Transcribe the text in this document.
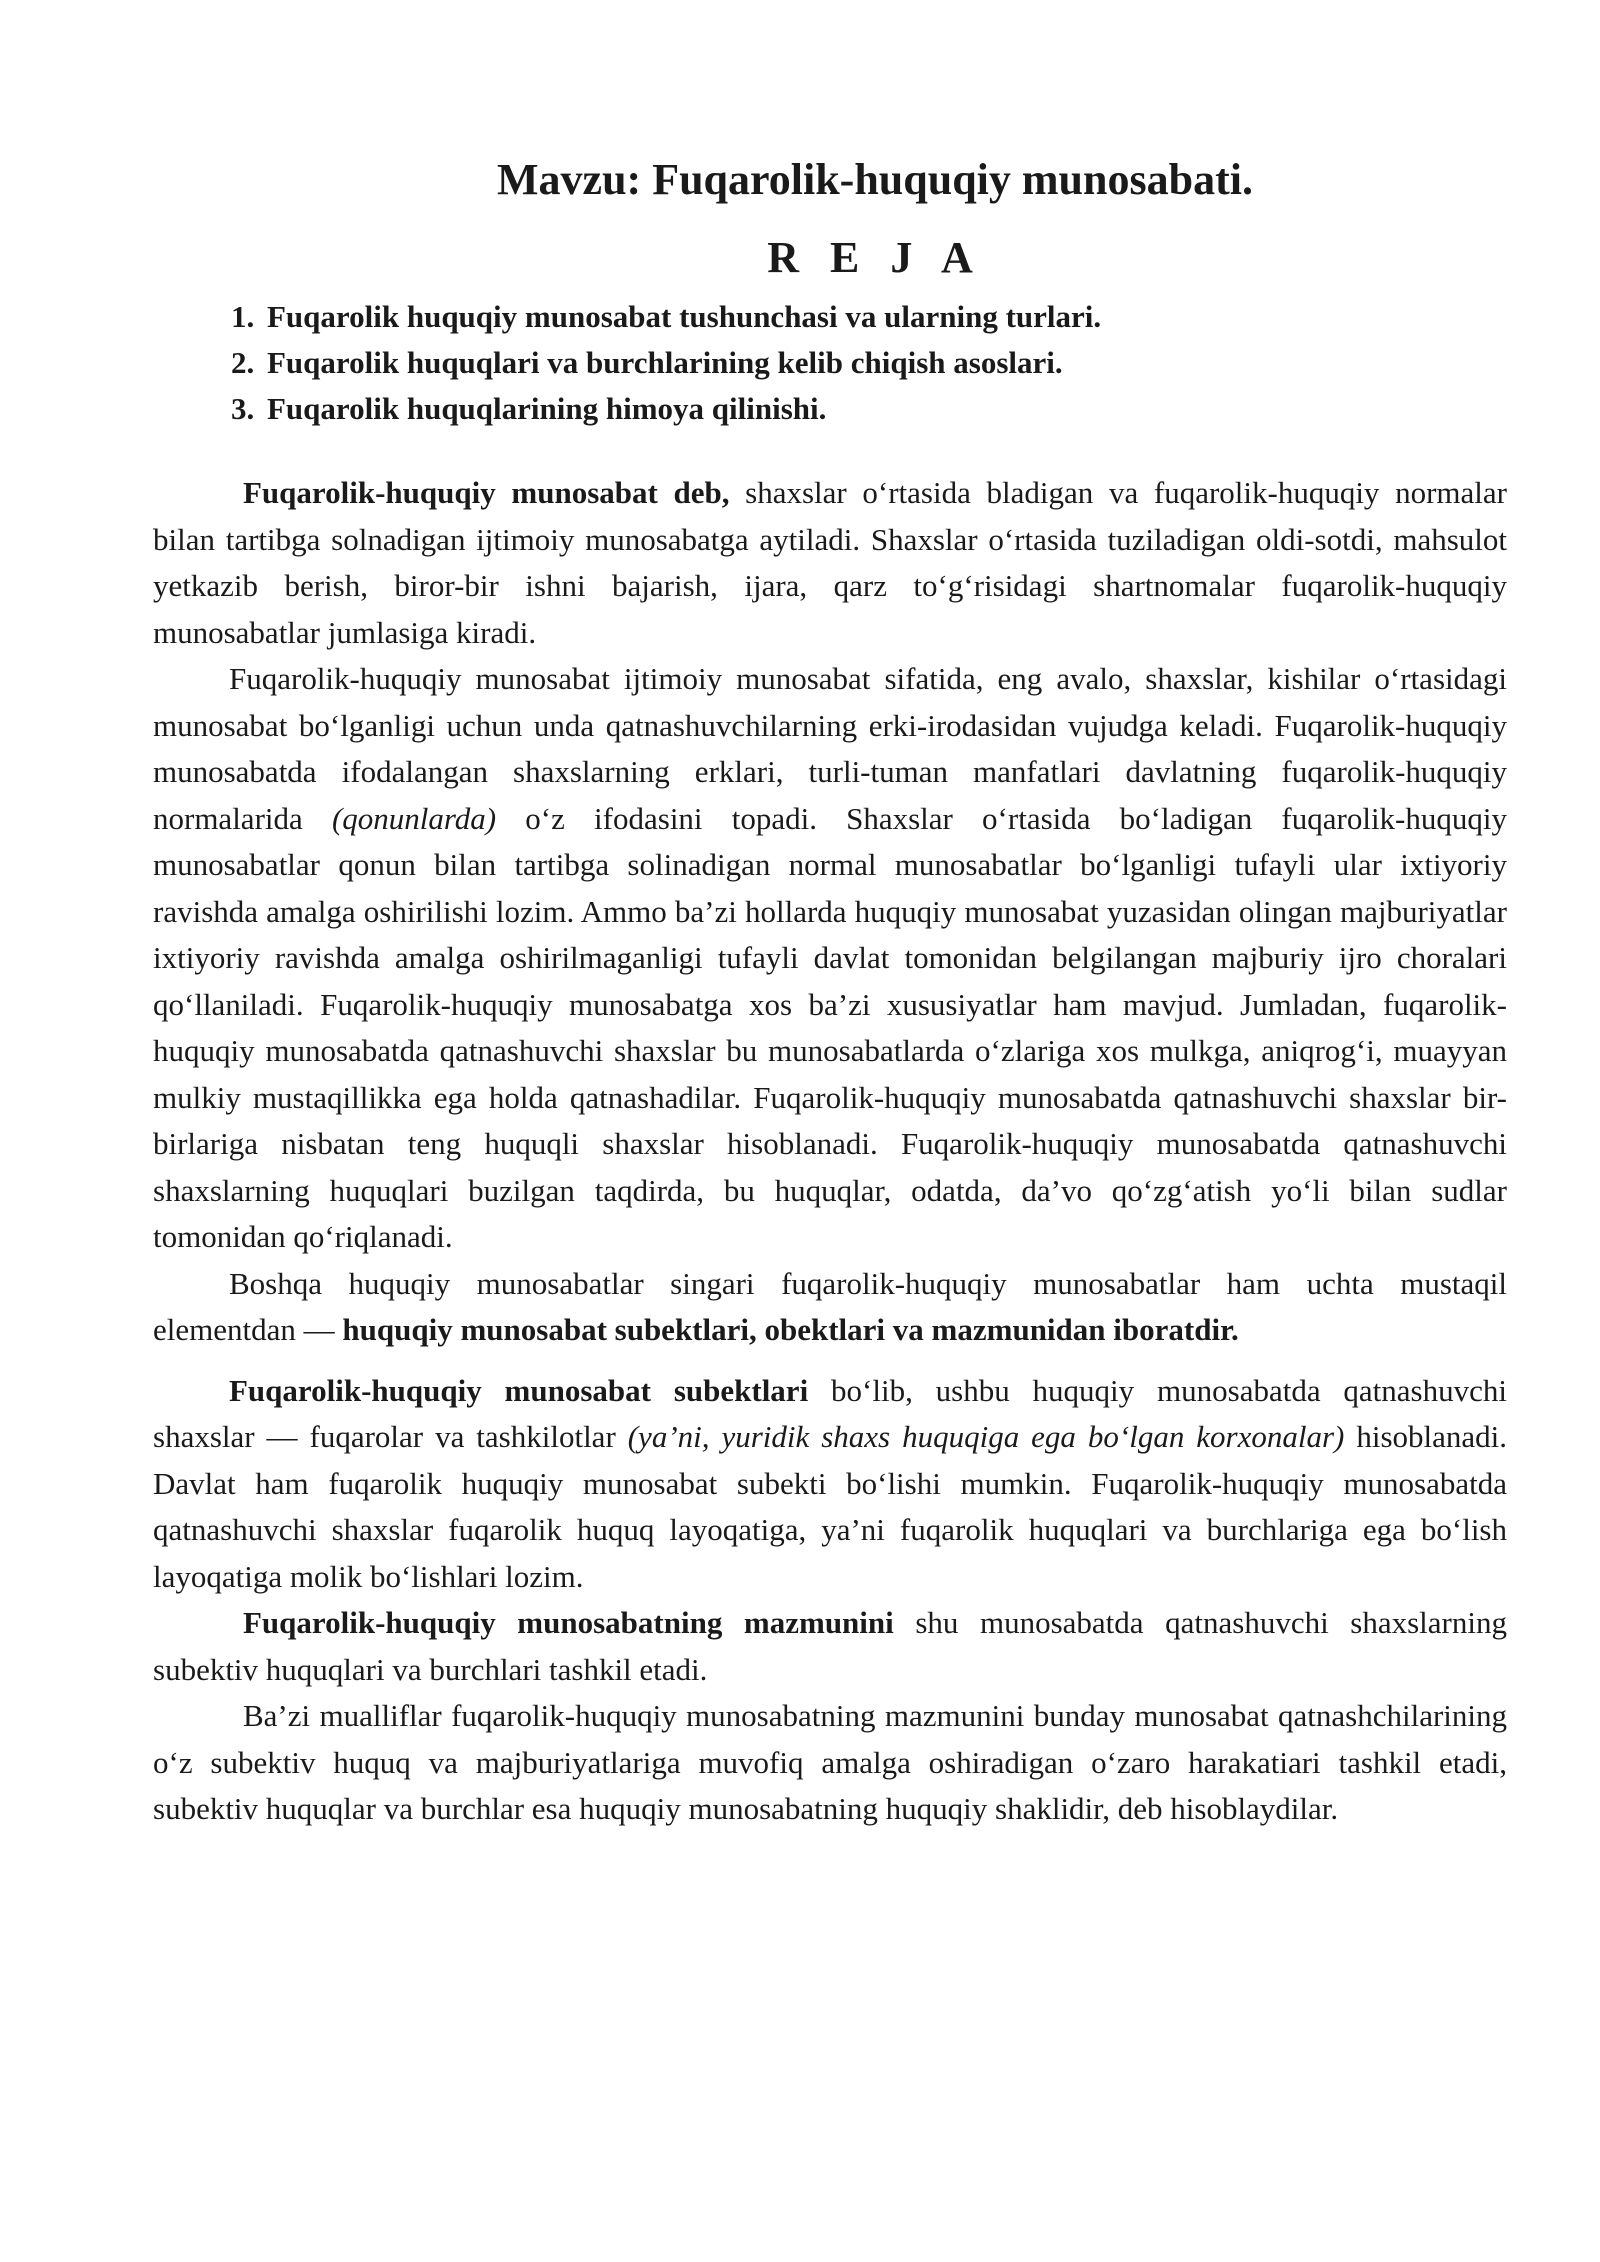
Mavzu: Fuqarolik-huquqiy munosabati.
R E J A
1. Fuqarolik huquqiy munosabat tushunchasi va ularning turlari.
2. Fuqarolik huquqlari va burchlarining kelib chiqish asoslari.
3. Fuqarolik huquqlarining himoya qilinishi.

Fuqarolik-huquqiy munosabat deb, shaxslar o‘rtasida bladigan va fuqarolik-huquqiy normalar bilan tartibga solnadigan ijtimoiy munosabatga aytiladi. Shaxslar o‘rtasida tuziladigan oldi-sotdi, mahsulot yetkazib berish, biror-bir ishni bajarish, ijara, qarz to‘g‘risidagi shartnomalar fuqarolik-huquqiy munosabatlar jumlasiga kiradi.

Fuqarolik-huquqiy munosabat ijtimoiy munosabat sifatida, eng avalo, shaxslar, kishilar o‘rtasidagi munosabat bo‘lganligi uchun unda qatnashuvchilarning erki-irodasidan vujudga keladi. Fuqarolik-huquqiy munosabatda ifodalangan shaxslarning erklari, turli-tuman manfatlari davlatning fuqarolik-huquqiy normalarida (qonunlarda) o‘z ifodasini topadi. Shaxslar o‘rtasida bo‘ladigan fuqarolik-huquqiy munosabatlar qonun bilan tartibga solinadigan normal munosabatlar bo‘lganligi tufayli ular ixtiyoriy ravishda amalga oshirilishi lozim. Ammo ba’zi hollarda huquqiy munosabat yuzasidan olingan majburiyatlar ixtiyoriy ravishda amalga oshirilmaganligi tufayli davlat tomonidan belgilangan majburiy ijro choralari qo‘llaniladi. Fuqarolik-huquqiy munosabatga xos ba’zi xususiyatlar ham mavjud. Jumladan, fuqarolik-huquqiy munosabatda qatnashuvchi shaxslar bu munosabatlarda o‘zlariga xos mulkga, aniqrog‘i, muayyan mulkiy mustaqillikka ega holda qatnashadilar. Fuqarolik-huquqiy munosabatda qatnashuvchi shaxslar bir-birlariga nisbatan teng huquqli shaxslar hisoblanadi. Fuqarolik-huquqiy munosabatda qatnashuvchi shaxslarning huquqlari buzilgan taqdirda, bu huquqlar, odatda, da’vo qo‘zg‘atish yo‘li bilan sudlar tomonidan qo‘riqlanadi.

Boshqa huquqiy munosabatlar singari fuqarolik-huquqiy munosabatlar ham uchta mustaqil elementdan — huquqiy munosabat subektlari, obektlari va mazmunidan iboratdir.

Fuqarolik-huquqiy munosabat subektlari bo‘lib, ushbu huquqiy munosabatda qatnashuvchi shaxslar — fuqarolar va tashkilotlar (ya’ni, yuridik shaxs huquqiga ega bo‘lgan korxonalar) hisoblanadi. Davlat ham fuqarolik huquqiy munosabat subekti bo‘lishi mumkin. Fuqarolik-huquqiy munosabatda qatnashuvchi shaxslar fuqarolik huquq layoqatiga, ya’ni fuqarolik huquqlari va burchlariga ega bo‘lish layoqatiga molik bo‘lishlari lozim.

Fuqarolik-huquqiy munosabatning mazmunini shu munosabatda qatnashuvchi shaxslarning subektiv huquqlari va burchlari tashkil etadi.

Ba’zi mualliflar fuqarolik-huquqiy munosabatning mazmunini bunday munosabat qatnashchilarining o‘z subektiv huquq va majburiyatlariga muvofiq amalga oshiradigan o‘zaro harakatiari tashkil etadi, subektiv huquqlar va burchlar esa huquqiy munosabatning huquqiy shaklidir, deb hisoblaydilar.
